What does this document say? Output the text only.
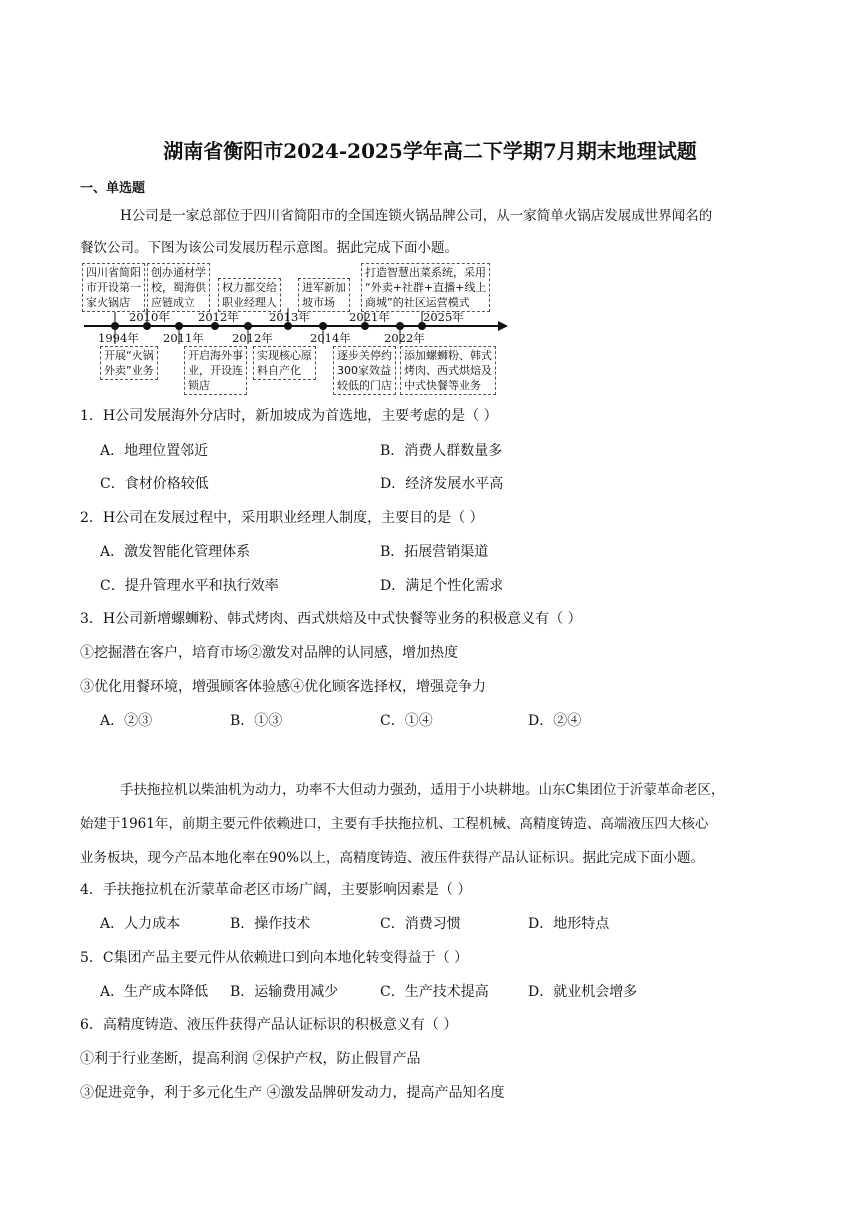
湖南省衡阳市2024-2025学年高二下学期7月期末地理试题
一、单选题
H公司是一家总部位于四川省简阳市的全国连锁火锅品牌公司，从一家简单火锅店发展成世界闻名的
餐饮公司。下图为该公司发展历程示意图。据此完成下面小题。
四川省简阳
市开设第一
家火锅店
创办通材学
校，蜀海供
应链成立
权力都交给
职业经理人
进军新加
坡市场
打造智慧出菜系统，采用
“外卖+社群+直播+线上
商城”的社区运营模式
2010年 2012年	2013年	2021年	2025年
1994年 2011年 2012年	2014年	2022年
开展“火锅
外卖”业务
开启海外事
业，开设连
锁店
实现核心原
料自产化
逐步关停约
300家效益
较低的门店
添加螺蛳粉、韩式
烤肉、西式烘焙及
中式快餐等业务
1．H公司发展海外分店时，新加坡成为首选地，主要考虑的是（ ）
A．地理位置邻近	B．消费人群数量多
C．食材价格较低	D．经济发展水平高
2．H公司在发展过程中，采用职业经理人制度，主要目的是（ ）
A．激发智能化管理体系	B．拓展营销渠道
C．提升管理水平和执行效率	D．满足个性化需求
3．H公司新增螺蛳粉、韩式烤肉、西式烘焙及中式快餐等业务的积极意义有（ ）
①挖掘潜在客户，培育市场②激发对品牌的认同感，增加热度
③优化用餐环境，增强顾客体验感④优化顾客选择权，增强竞争力
A．②③	B．①③	C．①④	D．②④
手扶拖拉机以柴油机为动力，功率不大但动力强劲，适用于小块耕地。山东C集团位于沂蒙革命老区，
始建于1961年，前期主要元件依赖进口，主要有手扶拖拉机、工程机械、高精度铸造、高端液压四大核心
业务板块，现今产品本地化率在90%以上，高精度铸造、液压件获得产品认证标识。据此完成下面小题。
4．手扶拖拉机在沂蒙革命老区市场广阔，主要影响因素是（ ）
A．人力成本	B．操作技术	C．消费习惯	D．地形特点
5．C集团产品主要元件从依赖进口到向本地化转变得益于（ ）
A．生产成本降低 B．运输费用减少	C．生产技术提高	D．就业机会增多
6．高精度铸造、液压件获得产品认证标识的积极意义有（ ）
①利于行业垄断，提高利润 ②保护产权，防止假冒产品
③促进竞争，利于多元化生产 ④激发品牌研发动力，提高产品知名度
